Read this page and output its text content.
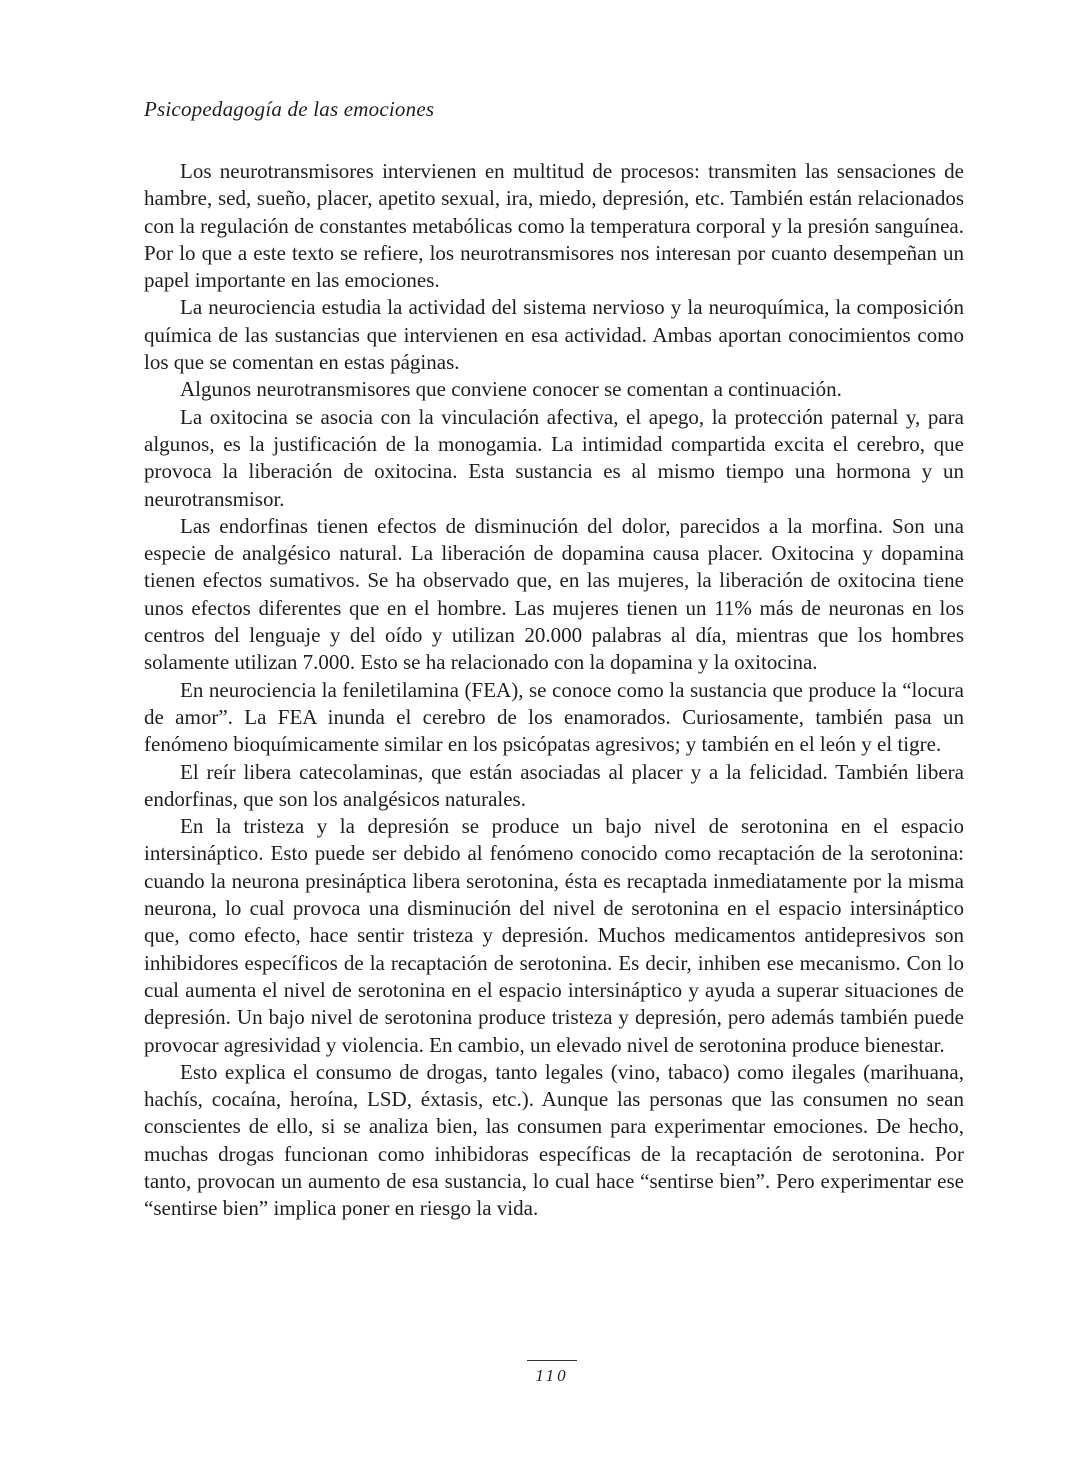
Psicopedagogía de las emociones

Los neurotransmisores intervienen en multitud de procesos: transmiten las sensaciones de hambre, sed, sueño, placer, apetito sexual, ira, miedo, depresión, etc. También están relacionados con la regulación de constantes metabólicas como la temperatura corporal y la presión sanguínea. Por lo que a este texto se refiere, los neurotransmisores nos interesan por cuanto desempeñan un papel importante en las emociones.

La neurociencia estudia la actividad del sistema nervioso y la neuroquímica, la composición química de las sustancias que intervienen en esa actividad. Ambas aportan conocimientos como los que se comentan en estas páginas.

Algunos neurotransmisores que conviene conocer se comentan a continuación.

La oxitocina se asocia con la vinculación afectiva, el apego, la protección paternal y, para algunos, es la justificación de la monogamia. La intimidad compartida excita el cerebro, que provoca la liberación de oxitocina. Esta sustancia es al mismo tiempo una hormona y un neurotransmisor.

Las endorfinas tienen efectos de disminución del dolor, parecidos a la morfina. Son una especie de analgésico natural. La liberación de dopamina causa placer. Oxitocina y dopamina tienen efectos sumativos. Se ha observado que, en las mujeres, la liberación de oxitocina tiene unos efectos diferentes que en el hombre. Las mujeres tienen un 11% más de neuronas en los centros del lenguaje y del oído y utilizan 20.000 palabras al día, mientras que los hombres solamente utilizan 7.000. Esto se ha relacionado con la dopamina y la oxitocina.

En neurociencia la feniletilamina (FEA), se conoce como la sustancia que produce la “locura de amor”. La FEA inunda el cerebro de los enamorados. Curiosamente, también pasa un fenómeno bioquímicamente similar en los psicópatas agresivos; y también en el león y el tigre.

El reír libera catecolaminas, que están asociadas al placer y a la felicidad. También libera endorfinas, que son los analgésicos naturales.

En la tristeza y la depresión se produce un bajo nivel de serotonina en el espacio intersináptico. Esto puede ser debido al fenómeno conocido como recaptación de la serotonina: cuando la neurona presináptica libera serotonina, ésta es recaptada inmediatamente por la misma neurona, lo cual provoca una disminución del nivel de serotonina en el espacio intersináptico que, como efecto, hace sentir tristeza y depresión. Muchos medicamentos antidepresivos son inhibidores específicos de la recaptación de serotonina. Es decir, inhiben ese mecanismo. Con lo cual aumenta el nivel de serotonina en el espacio intersináptico y ayuda a superar situaciones de depresión. Un bajo nivel de serotonina produce tristeza y depresión, pero además también puede provocar agresividad y violencia. En cambio, un elevado nivel de serotonina produce bienestar.

Esto explica el consumo de drogas, tanto legales (vino, tabaco) como ilegales (marihuana, hachís, cocaína, heroína, LSD, éxtasis, etc.). Aunque las personas que las consumen no sean conscientes de ello, si se analiza bien, las consumen para experimentar emociones. De hecho, muchas drogas funcionan como inhibidoras específicas de la recaptación de serotonina. Por tanto, provocan un aumento de esa sustancia, lo cual hace “sentirse bien”. Pero experimentar ese “sentirse bien” implica poner en riesgo la vida.

110
